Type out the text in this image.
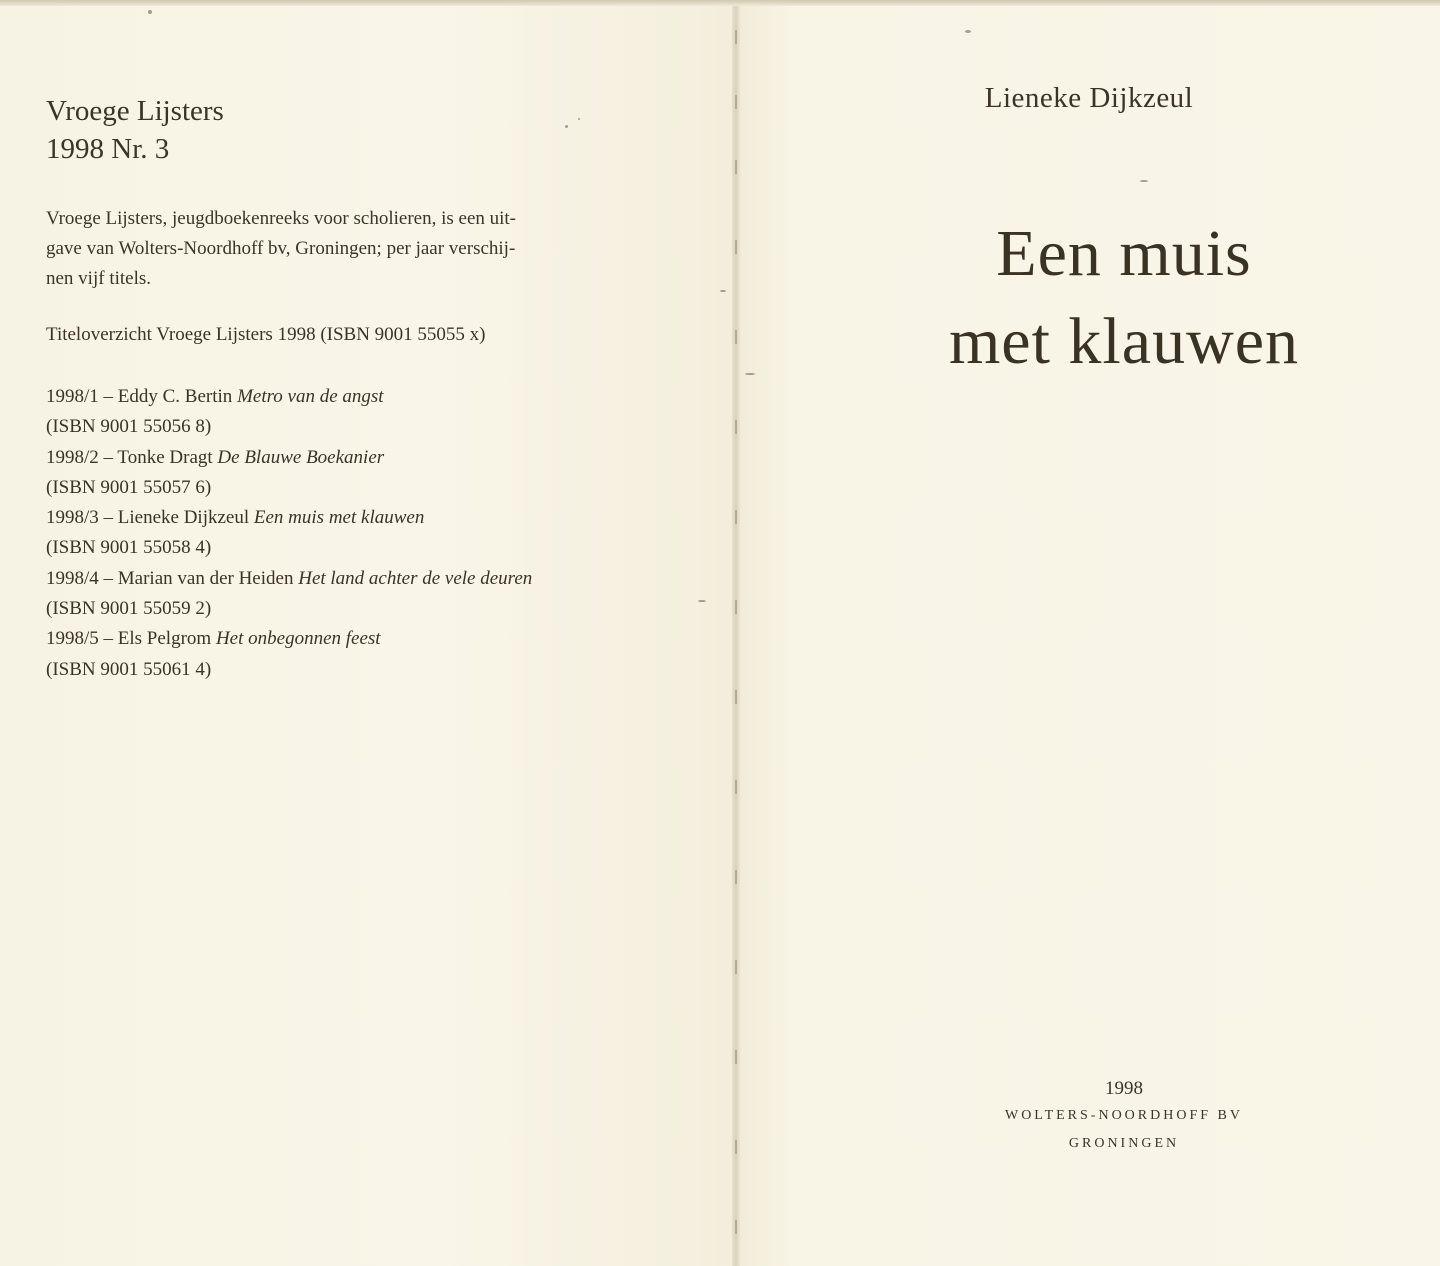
Vroege Lijsters
1998 Nr. 3
Vroege Lijsters, jeugdboekenreeks voor scholieren, is een uit-
gave van Wolters-Noordhoff bv, Groningen; per jaar verschij-
nen vijf titels.
Titeloverzicht Vroege Lijsters 1998 (ISBN 9001 55055 x)
1998/1 – Eddy C. Bertin Metro van de angst
(ISBN 9001 55056 8)
1998/2 – Tonke Dragt De Blauwe Boekanier
(ISBN 9001 55057 6)
1998/3 – Lieneke Dijkzeul Een muis met klauwen
(ISBN 9001 55058 4)
1998/4 – Marian van der Heiden Het land achter de vele deuren
(ISBN 9001 55059 2)
1998/5 – Els Pelgrom Het onbegonnen feest
(ISBN 9001 55061 4)
Lieneke Dijkzeul
Een muis
met klauwen
1998
WOLTERS-NOORDHOFF BV
GRONINGEN
